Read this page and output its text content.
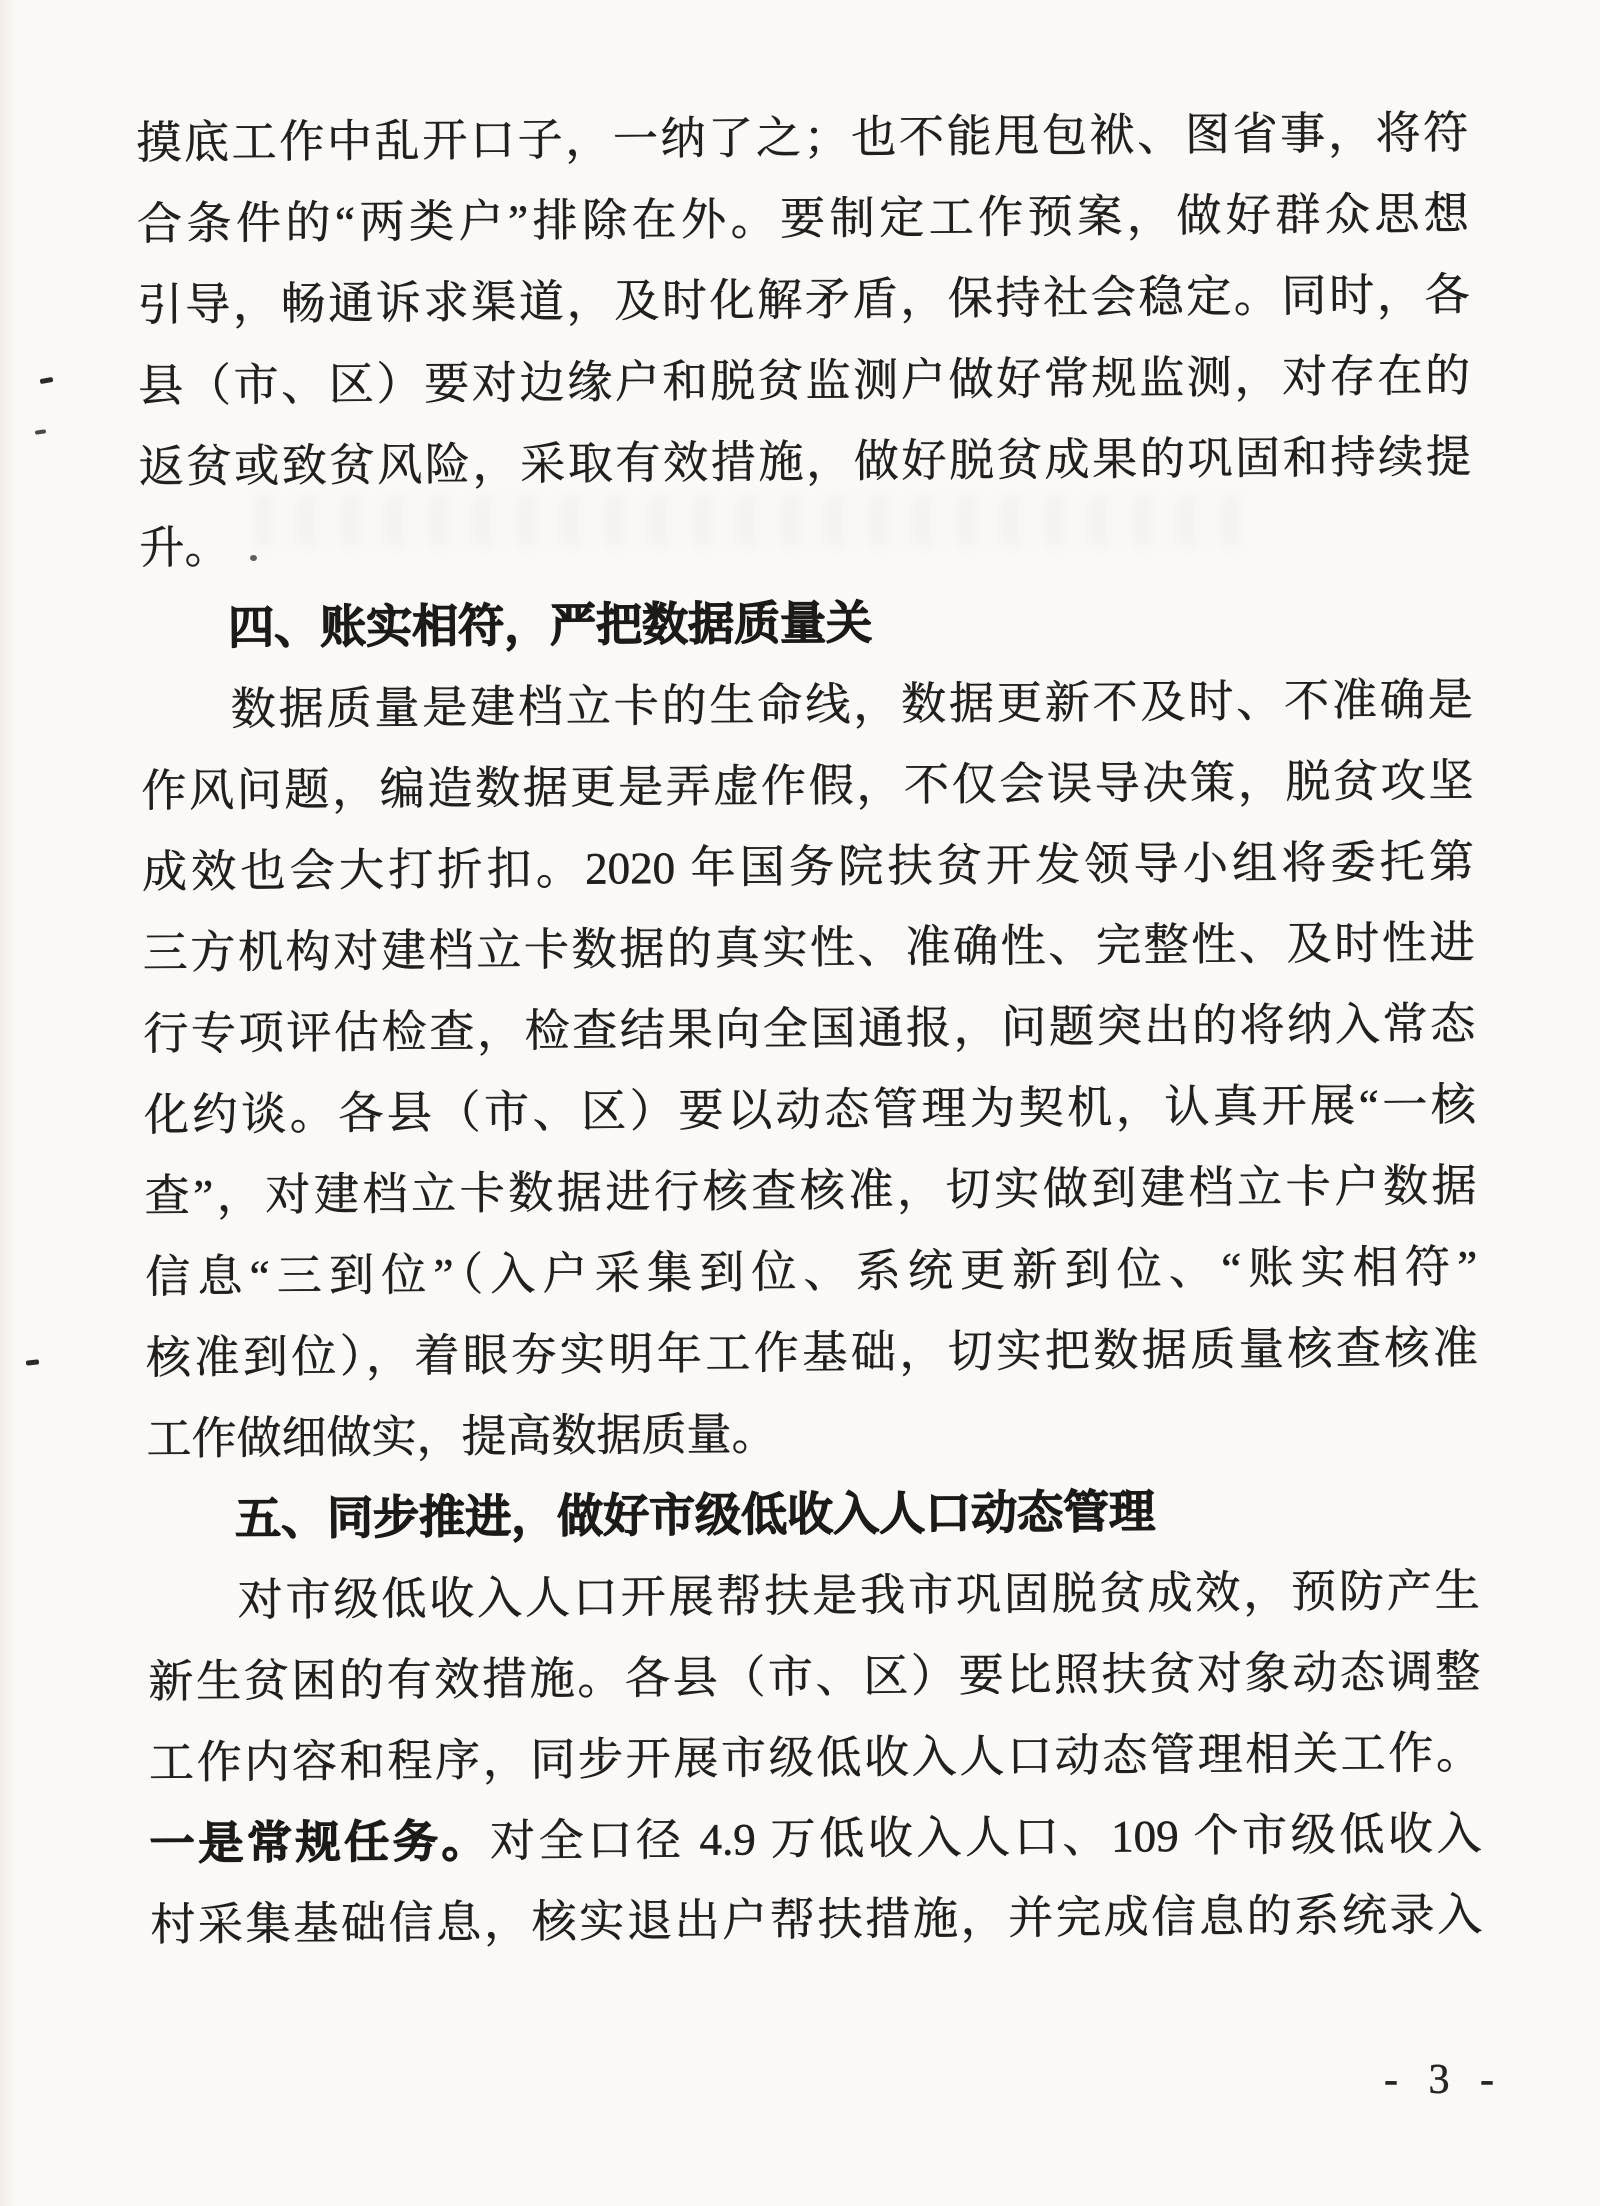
摸底工作中乱开口子，一纳了之；也不能甩包袱、图省事，将符
合条件的“两类户”排除在外。要制定工作预案，做好群众思想
引导，畅通诉求渠道，及时化解矛盾，保持社会稳定。同时，各
县（市、区）要对边缘户和脱贫监测户做好常规监测，对存在的
返贫或致贫风险，采取有效措施，做好脱贫成果的巩固和持续提
升。
四、账实相符，严把数据质量关
数据质量是建档立卡的生命线，数据更新不及时、不准确是
作风问题，编造数据更是弄虚作假，不仅会误导决策，脱贫攻坚
成效也会大打折扣。2020 年国务院扶贫开发领导小组将委托第
三方机构对建档立卡数据的真实性、准确性、完整性、及时性进
行专项评估检查，检查结果向全国通报，问题突出的将纳入常态
化约谈。各县（市、区）要以动态管理为契机，认真开展“一核
查”，对建档立卡数据进行核查核准，切实做到建档立卡户数据
信息“三到位”（入户采集到位、系统更新到位、“账实相符”
核准到位），着眼夯实明年工作基础，切实把数据质量核查核准
工作做细做实，提高数据质量。
五、同步推进，做好市级低收入人口动态管理
对市级低收入人口开展帮扶是我市巩固脱贫成效，预防产生
新生贫困的有效措施。各县（市、区）要比照扶贫对象动态调整
工作内容和程序，同步开展市级低收入人口动态管理相关工作。
一是常规任务。对全口径 4.9 万低收入人口、109 个市级低收入
村采集基础信息，核实退出户帮扶措施，并完成信息的系统录入
- 3 -
